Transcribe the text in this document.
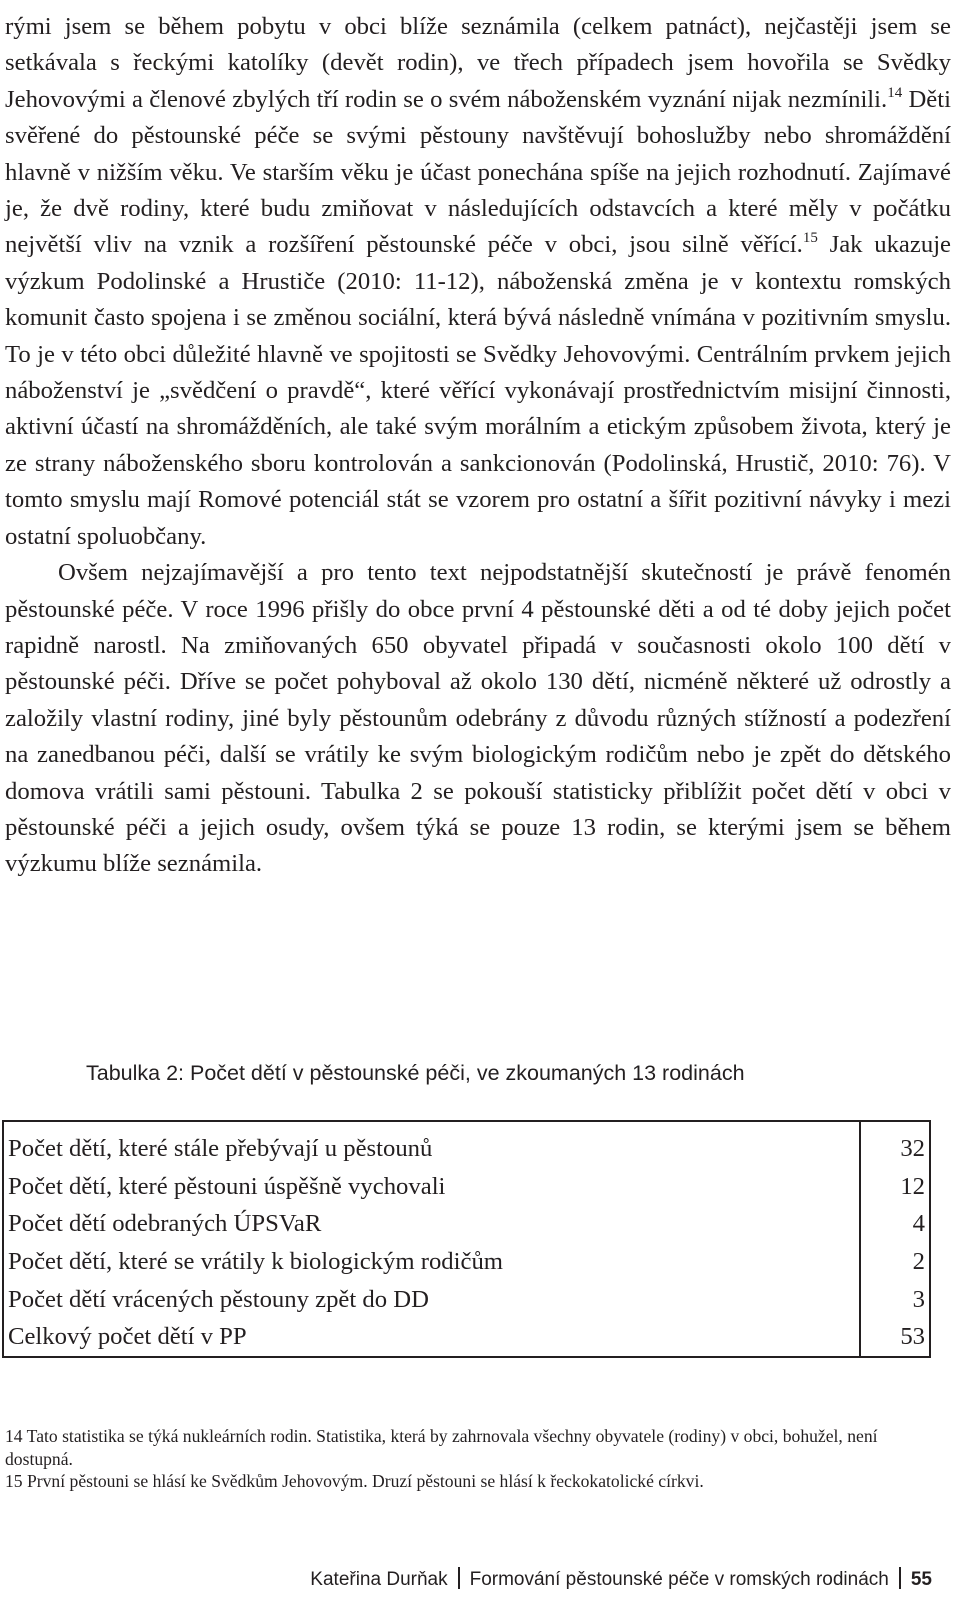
rými jsem se během pobytu v obci blíže seznámila (celkem patnáct), nejčastěji jsem se setkávala s řeckými katolíky (devět rodin), ve třech případech jsem hovořila se Svědky Jehovovými a členové zbylých tří rodin se o svém náboženském vyznání nijak nezmínili.$^{14}$ Děti svěřené do pěstounské péče se svými pěstouny navštěvují bohoslužby nebo shromáždění hlavně v nižším věku. Ve starším věku je účast ponechána spíše na jejich rozhodnutí. Zajímavé je, že dvě rodiny, které budu zmiňovat v následujících odstavcích a které měly v počátku největší vliv na vznik a rozšíření pěstounské péče v obci, jsou silně věřící.$^{15}$ Jak ukazuje výzkum Podolinské a Hrustiče (2010: 11-12), náboženská změna je v kontextu romských komunit často spojena i se změnou sociální, která bývá následně vnímána v pozitivním smyslu. To je v této obci důležité hlavně ve spojitosti se Svědky Jehovovými. Centrálním prvkem jejich náboženství je „svědčení o pravdě“, které věřící vykonávají prostřednictvím misijní činnosti, aktivní účastí na shromážděních, ale také svým morálním a etickým způsobem života, který je ze strany náboženského sboru kontrolován a sankcionován (Podolinská, Hrustič, 2010: 76). V tomto smyslu mají Romové potenciál stát se vzorem pro ostatní a šířit pozitivní návyky i mezi ostatní spoluobčany.

Ovšem nejzajímavější a pro tento text nejpodstatnější skutečností je právě fenomén pěstounské péče. V roce 1996 přišly do obce první 4 pěstounské děti a od té doby jejich počet rapidně narostl. Na zmiňovaných 650 obyvatel připadá v současnosti okolo 100 dětí v pěstounské péči. Dříve se počet pohyboval až okolo 130 dětí, nicméně některé už odrostly a založily vlastní rodiny, jiné byly pěstounům odebrány z důvodu různých stížností a podezření na zanedbanou péči, další se vrátily ke svým biologickým rodičům nebo je zpět do dětského domova vrátili sami pěstouni. Tabulka 2 se pokouší statisticky přiblížit počet dětí v obci v pěstounské péči a jejich osudy, ovšem týká se pouze 13 rodin, se kterými jsem se během výzkumu blíže seznámila.

Tabulka 2: Počet dětí v pěstounské péči, ve zkoumaných 13 rodinách
Počet dětí, které stále přebývají u pěstounů	32
Počet dětí, které pěstouni úspěšně vychovali	12
Počet dětí odebraných ÚPSVaR	4
Počet dětí, které se vrátily k biologickým rodičům	2
Počet dětí vrácených pěstouny zpět do DD	3
Celkový počet dětí v PP	53

14 Tato statistika se týká nukleárních rodin. Statistika, která by zahrnovala všechny obyvatele (rodiny) v obci, bohužel, není dostupná.

15 První pěstouni se hlásí ke Svědkům Jehovovým. Druzí pěstouni se hlásí k řeckokatolické církvi.

Kateřina Durňak Formování pěstounské péče v romských rodinách 55
